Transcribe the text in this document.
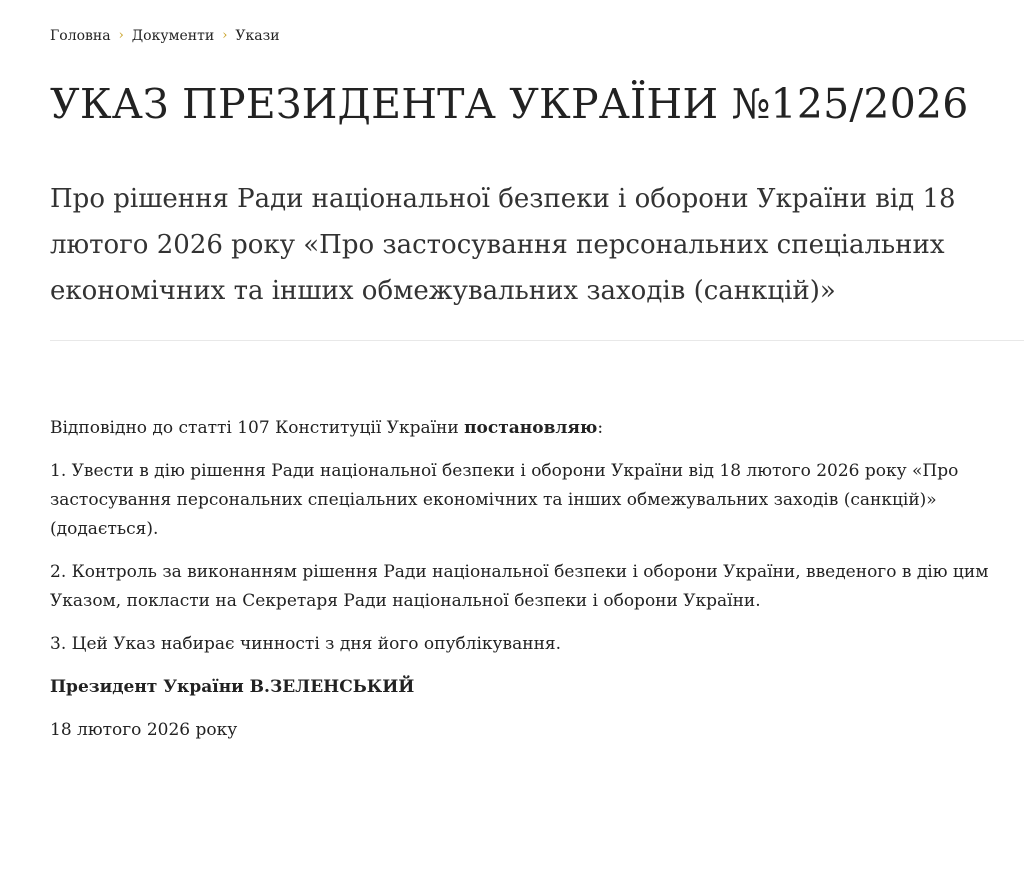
Головна › Документи › Укази
УКАЗ ПРЕЗИДЕНТА УКРАЇНИ №125/2026
Про рішення Ради національної безпеки і оборони України від 18 лютого 2026 року «Про застосування персональних спеціальних економічних та інших обмежувальних заходів (санкцій)»

Відповідно до статті 107 Конституції України постановляю:

1. Увести в дію рішення Ради національної безпеки і оборони України від 18 лютого 2026 року «Про застосування персональних спеціальних економічних та інших обмежувальних заходів (санкцій)» (додається).

2. Контроль за виконанням рішення Ради національної безпеки і оборони України, введеного в дію цим Указом, покласти на Секретаря Ради національної безпеки і оборони України.

3. Цей Указ набирає чинності з дня його опублікування.

Президент України В.ЗЕЛЕНСЬКИЙ

18 лютого 2026 року
